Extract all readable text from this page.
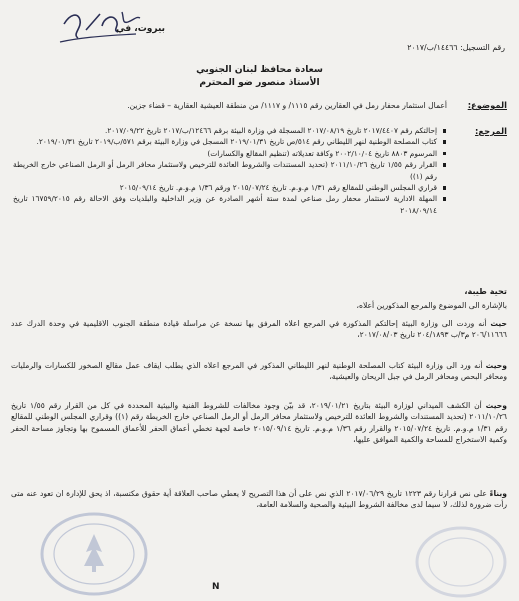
بيروت، في
رقم التسجيل: ١٤٤٦٦/ب/٢٠١٧
سعادة محافظ لبنان الجنوبي
الأستاذ منصور ضو المحترم
الموضوع:
أعمال استثمار محفار رمل في العقارين رقم ١١١٥/ و ١١١٧/ من منطقة العيشية العقارية – قضاء جزين.
المرجع:
إحالتكم رقم ٢٠١٧/٤٤٠٧ تاريخ ٢٠١٧/٠٨/١٩ المسجلة في وزارة البيئة برقم ١٢٤٦٦/ب/٢٠١٧ تاريخ ٢٠١٧/٠٩/٢٢.
كتاب المصلحة الوطنية لنهر الليطاني رقم ٥١٤/ص تاريخ ٢٠١٩/٠١/٣١ المسجل في وزارة البيئة برقم ٥٧١/ب/٢٠١٩ تاريخ ٢٠١٩/٠١/٣١.
المرسوم ٨٨٠٣ تاريخ ٢٠٠٢/١٠/٠٤ وكافة تعديلاته (تنظيم المقالع والكسارات)
القرار رقم ١/٥٥ تاريخ ٢٠١١/١٠/٢٦ (تحديد المستندات والشروط العائدة للترخيص ولاستثمار محافر الرمل أو الرمل الصناعي خارج الخريطة رقم (١))
قراري المجلس الوطني للمقالع رقم ١/٣١ م.و.م. تاريخ ٢٠١٥/٠٧/٢٤ ورقم ١/٣٦ م.و.م. تاريخ ٢٠١٥/٠٩/١٤
المهلة الادارية لاستثمار محفار رمل صناعي لمدة ستة أشهر الصادرة عن وزير الداخلية والبلديات وفق الاحالة رقم ١٦٧٥٩/٢٠١٥ تاريخ ٢٠١٨/٠٩/١٤
تحية طيبة،
بالإشارة الى الموضوع والمرجع المذكورين أعلاه،
حيث أنه وردت الى وزارة البيئة إحالتكم المذكورة في المرجع اعلاه المرفق بها نسخة عن مراسلة قيادة منطقة الجنوب الاقليمية في وحدة الدرك عدد ٢٠٦/١١٦٦٦ م٣/ب ٢٠٤/١٨٩٣ تاريخ ٢٠١٧/٠٨/٠٣،
وحيث أنه ورد الى وزارة البيئة كتاب المصلحة الوطنية لنهر الليطاني المذكور في المرجع اعلاه الذي يطلب ايقاف عمل مقالع الصخور للكسارات والرمليات ومحافر البحص ومحافر الرمل في جبل الريحان والعيشية،
وحيث أن الكشف الميداني لوزارة البيئة بتاريخ ٢٠١٩/٠١/٢١، قد بيّن وجود مخالفات للشروط الفنية والبيئية المحددة في كل من القرار رقم ١/٥٥ تاريخ ٢٠١١/١٠/٢٦ (تحديد المستندات والشروط العائدة للترخيص ولاستثمار محافر الرمل أو الرمل الصناعي خارج الخريطة رقم (١)) وقراري المجلس الوطني للمقالع رقم ١/٣١ م.و.م. تاريخ ٢٠١٥/٠٧/٢٤ والقرار رقم ١/٣٦ م.و.م. تاريخ ٢٠١٥/٠٩/١٤ خاصة لجهة تخطي أعماق الحفر للأعماق المسموح بها وتجاوز مساحة الحفر وكمية الاستخراج للمساحة والكمية الموافق عليها،
وبناءً على نص قرارنا رقم ١٢٢٣ تاريخ ٢٠١٧/٠٦/٢٩ الذي نص على أن هذا التصريح لا يعطي صاحب العلاقة أية حقوق مكتسبة، اذ يحق للإدارة ان تعود عنه متى رأت ضرورة لذلك، لا سيما لدى مخالفة الشروط البيئية والصحية والسلامة العامة،
N
